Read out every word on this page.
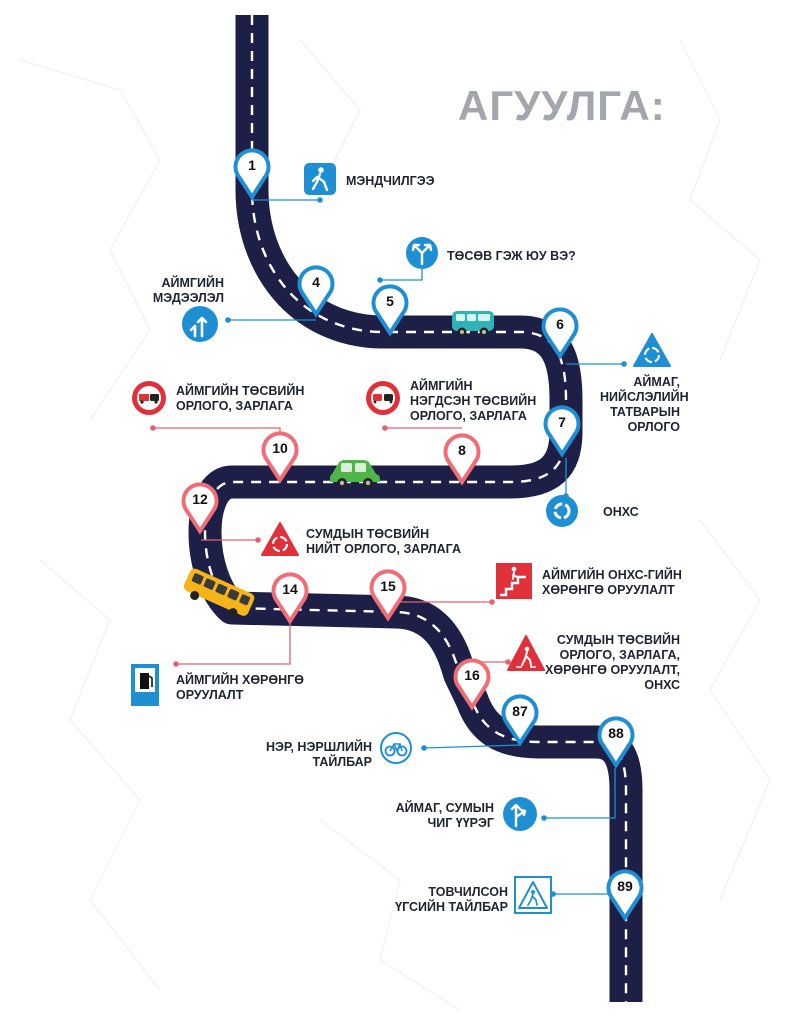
1
4
5
6
7
8
10
12
14	15
16
87
88
89
АГУУЛГА:
МЭНДЧИЛГЭЭ
ТӨСӨВ ГЭЖ ЮУ ВЭ?
АЙМГИЙН
МЭДЭЭЛЭЛ
АЙМАГ,
НИЙСЛЭЛИЙН
ТАТВАРЫН
ОРЛОГО
АЙМГИЙН ТӨСВИЙН
ОРЛОГО, ЗАРЛАГА
АЙМГИЙН
НЭГДСЭН ТӨСВИЙН
ОРЛОГО, ЗАРЛАГА
ОНХС
СУМДЫН ТӨСВИЙН
НИЙТ ОРЛОГО, ЗАРЛАГА
АЙМГИЙН ОНХС-ГИЙН
ХӨРӨНГӨ ОРУУЛАЛТ
СУМДЫН ТӨСВИЙН
ОРЛОГО, ЗАРЛАГА,
ХӨРӨНГӨ ОРУУЛАЛТ,
ОНХС
АЙМГИЙН ХӨРӨНГӨ
ОРУУЛАЛТ
НЭР, НЭРШЛИЙН
ТАЙЛБАР
АЙМАГ, СУМЫН
ЧИГ ҮҮРЭГ
ТОВЧИЛСОН
ҮГСИЙН ТАЙЛБАР
